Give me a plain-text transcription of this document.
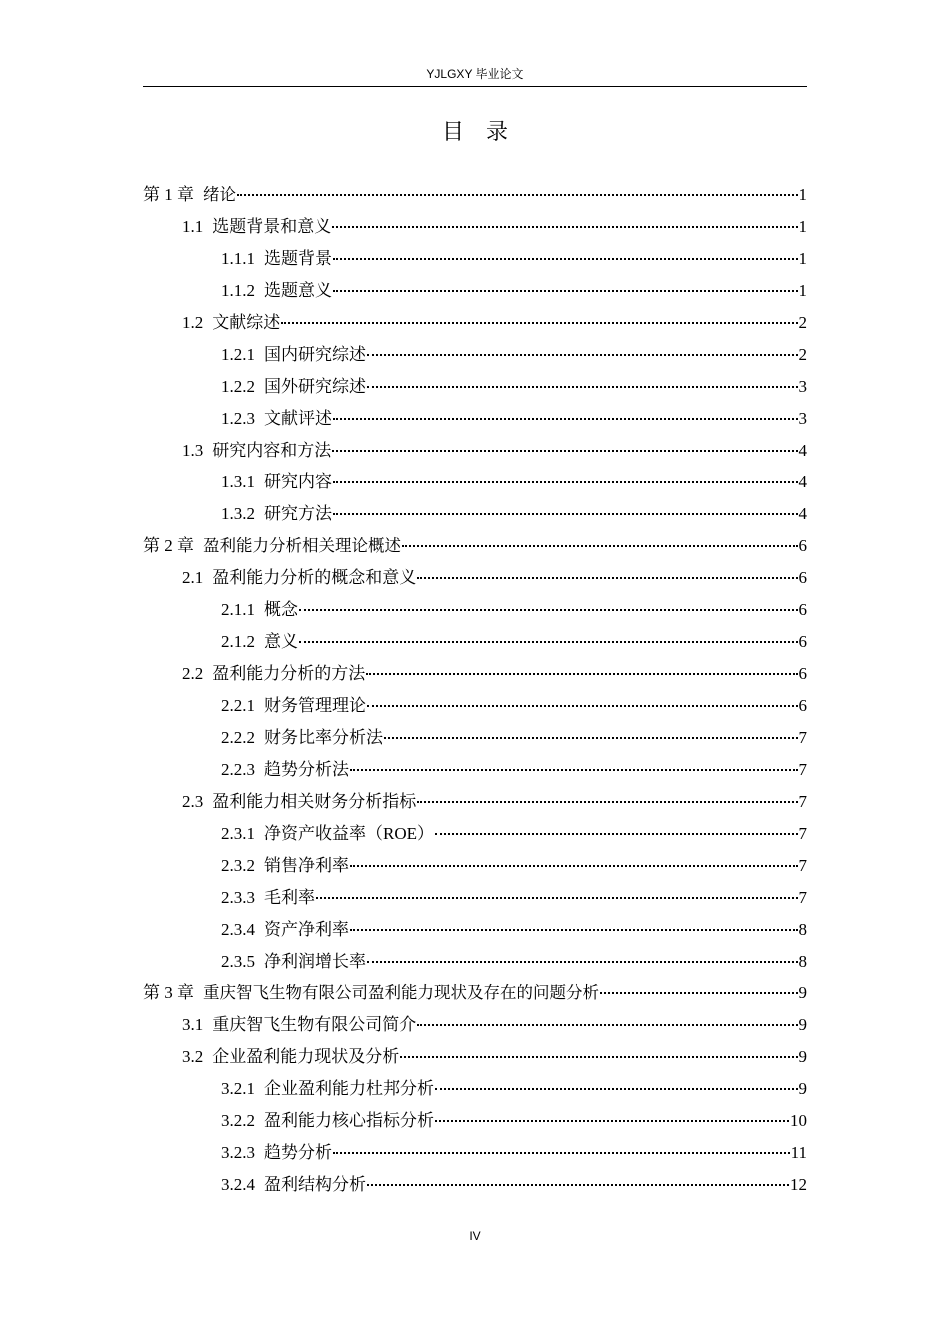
YJLGXY 毕业论文
目录
第 1 章 绪论	1
1.1 选题背景和意义	1
1.1.1 选题背景	1
1.1.2 选题意义	1
1.2 文献综述	2
1.2.1 国内研究综述	2
1.2.2 国外研究综述	3
1.2.3 文献评述	3
1.3 研究内容和方法	4
1.3.1 研究内容	4
1.3.2 研究方法	4
第 2 章 盈利能力分析相关理论概述	6
2.1 盈利能力分析的概念和意义	6
2.1.1 概念	6
2.1.2 意义	6
2.2 盈利能力分析的方法	6
2.2.1 财务管理理论	6
2.2.2 财务比率分析法	7
2.2.3 趋势分析法	7
2.3 盈利能力相关财务分析指标	7
2.3.1 净资产收益率（ROE）	7
2.3.2 销售净利率	7
2.3.3 毛利率	7
2.3.4 资产净利率	8
2.3.5 净利润增长率	8
第 3 章 重庆智飞生物有限公司盈利能力现状及存在的问题分析	9
3.1 重庆智飞生物有限公司简介	9
3.2 企业盈利能力现状及分析	9
3.2.1 企业盈利能力杜邦分析	9
3.2.2 盈利能力核心指标分析	10
3.2.3 趋势分析	11
3.2.4 盈利结构分析	12
IV
